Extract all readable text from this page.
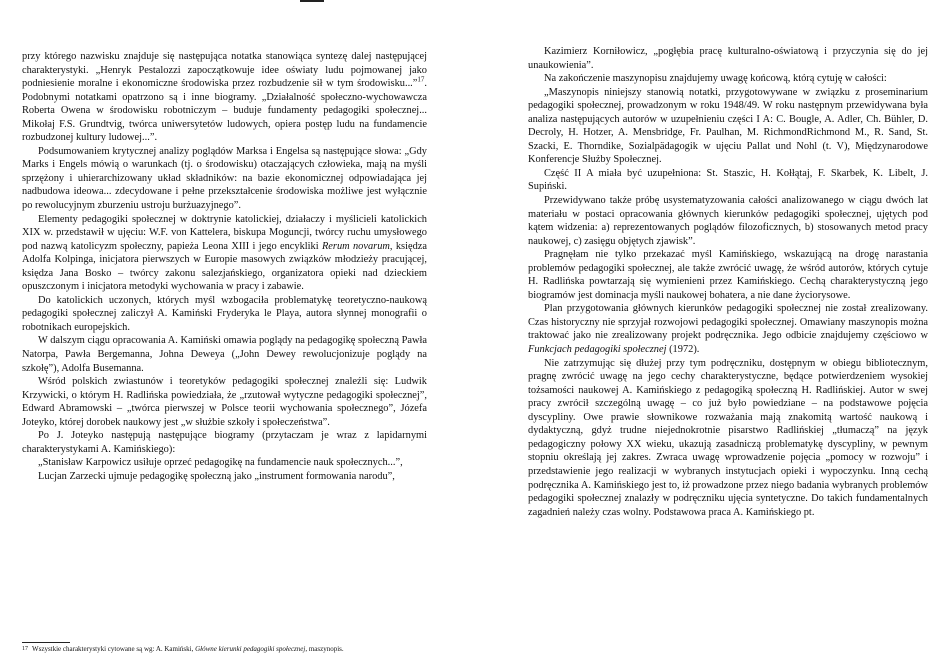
przy którego nazwisku znajduje się następująca notatka stanowiąca syntezę dalej następującej charakterystyki. „Henryk Pestalozzi zapoczątkowuje idee oświaty ludu pojmowanej jako podniesienie moralne i ekonomiczne środowiska przez rozbudzenie sił w tym środowisku...”$^{17}$. Podobnymi notatkami opatrzono są i inne biogramy. „Działalność społeczno-wychowawcza Roberta Owena w środowisku robotniczym – buduje fundamenty pedagogiki społecznej... Mikołaj F.S. Grundtvig, twórca uniwersytetów ludowych, opiera postęp ludu na fundamencie rozbudzonej kultury ludowej...”.

Podsumowaniem krytycznej analizy poglądów Marksa i Engelsa są następujące słowa: „Gdy Marks i Engels mówią o warunkach (tj. o środowisku) otaczających człowieka, mają na myśli sprzężony i uhierarchizowany układ składników: na bazie ekonomicznej odpowiadająca jej nadbudowa ideowa... zdecydowane i pełne przekształcenie środowiska możliwe jest wyłącznie po rewolucyjnym zburzeniu ustroju burżuazyjnego”.

Elementy pedagogiki społecznej w doktrynie katolickiej, działaczy i myślicieli katolickich XIX w. przedstawił w ujęciu: W.F. von Kattelera, biskupa Moguncji, twórcy ruchu umysłowego pod nazwą katolicyzm społeczny, papieża Leona XIII i jego encykliki Rerum novarum, księdza Adolfa Kolpinga, inicjatora pierwszych w Europie masowych związków młodzieży pracującej, księdza Jana Bosko – twórcy zakonu salezjańskiego, organizatora opieki nad dzieckiem opuszczonym i inicjatora metodyki wychowania w pracy i zabawie.

Do katolickich uczonych, których myśl wzbogaciła problematykę teoretyczno-naukową pedagogiki społecznej zaliczył A. Kamiński Fryderyka le Playa, autora słynnej monografii o robotnikach europejskich.

W dalszym ciągu opracowania A. Kamiński omawia poglądy na pedagogikę społeczną Pawła Natorpa, Pawła Bergemanna, Johna Deweya („John Dewey rewolucjonizuje poglądy na szkołę”), Adolfa Busemanna.

Wśród polskich zwiastunów i teoretyków pedagogiki społecznej znaleźli się: Ludwik Krzywicki, o którym H. Radlińska powiedziała, że „rzutował wytyczne pedagogiki społecznej”, Edward Abramowski – „twórca pierwszej w Polsce teorii wychowania społecznego”, Józefa Joteyko, której dorobek naukowy jest „w służbie szkoły i społeczeństwa”.

Po J. Joteyko następują następujące biogramy (przytaczam je wraz z lapidarnymi charakterystykami A. Kamińskiego):

„Stanisław Karpowicz usiłuje oprzeć pedagogikę na fundamencie nauk społecznych...”,

Lucjan Zarzecki ujmuje pedagogikę społeczną jako „instrument formowania narodu”,

17 Wszystkie charakterystyki cytowane są wg: A. Kamiński, Główne kierunki pedagogiki społecznej, maszynopis.

Kazimierz Korniłowicz, „pogłębia pracę kulturalno-oświatową i przyczynia się do jej unaukowienia”.

Na zakończenie maszynopisu znajdujemy uwagę końcową, którą cytuję w całości:

„Maszynopis niniejszy stanowią notatki, przygotowywane w związku z proseminarium pedagogiki społecznej, prowadzonym w roku 1948/49. W roku następnym przewidywana była analiza następujących autorów w uzupełnieniu części I A: C. Bougle, A. Adler, Ch. Bühler, D. Decroly, H. Hotzer, A. Mensbridge, Fr. Paulhan, M. RichmondRichmond M., R. Sand, St. Szacki, E. Thorndike, Sozialpädagogik w ujęciu Pallat und Nohl (t. V), Międzynarodowe Konferencje Służby Społecznej.

Część II A miała być uzupełniona: St. Staszic, H. Kołłątaj, F. Skarbek, K. Libelt, J. Supiński.

Przewidywano także próbę usystematyzowania całości analizowanego w ciągu dwóch lat materiału w postaci opracowania głównych kierunków pedagogiki społecznej, ujętych pod kątem widzenia: a) reprezentowanych poglądów filozoficznych, b) stosowanych metod pracy naukowej, c) zasięgu objętych zjawisk”.

Pragnęłam nie tylko przekazać myśl Kamińskiego, wskazującą na drogę narastania problemów pedagogiki społecznej, ale także zwrócić uwagę, że wśród autorów, których cytuje H. Radlińska powtarzają się wymienieni przez Kamińskiego. Cechą charakterystyczną jego biogramów jest dominacja myśli naukowej bohatera, a nie dane życiorysowe.

Plan przygotowania głównych kierunków pedagogiki społecznej nie został zrealizowany. Czas historyczny nie sprzyjał rozwojowi pedagogiki społecznej. Omawiany maszynopis można traktować jako nie zrealizowany projekt podręcznika. Jego odbicie znajdujemy częściowo w Funkcjach pedagogiki społecznej (1972).

Nie zatrzymując się dłużej przy tym podręczniku, dostępnym w obiegu bibliotecznym, pragnę zwrócić uwagę na jego cechy charakterystyczne, będące potwierdzeniem wysokiej tożsamości naukowej A. Kamińskiego z pedagogiką społeczną H. Radlińskiej. Autor w swej pracy zwrócił szczególną uwagę – co już było powiedziane – na podstawowe pojęcia dyscypliny. Owe prawie słownikowe rozważania mają znakomitą wartość naukową i dydaktyczną, gdyż trudne niejednokrotnie pisarstwo Radlińskiej „tłumaczą” na język pedagogiczny połowy XX wieku, ukazują zasadniczą problematykę dyscypliny, w pewnym stopniu określają jej zakres. Zwraca uwagę wprowadzenie pojęcia „pomocy w rozwoju” i przedstawienie jego realizacji w wybranych instytucjach opieki i wypoczynku. Inną cechą podręcznika A. Kamińskiego jest to, iż prowadzone przez niego badania wybranych problemów pedagogiki społecznej znalazły w podręczniku ujęcia syntetyczne. Do takich fundamentalnych zagadnień należy czas wolny. Podstawowa praca A. Kamińskiego pt.
